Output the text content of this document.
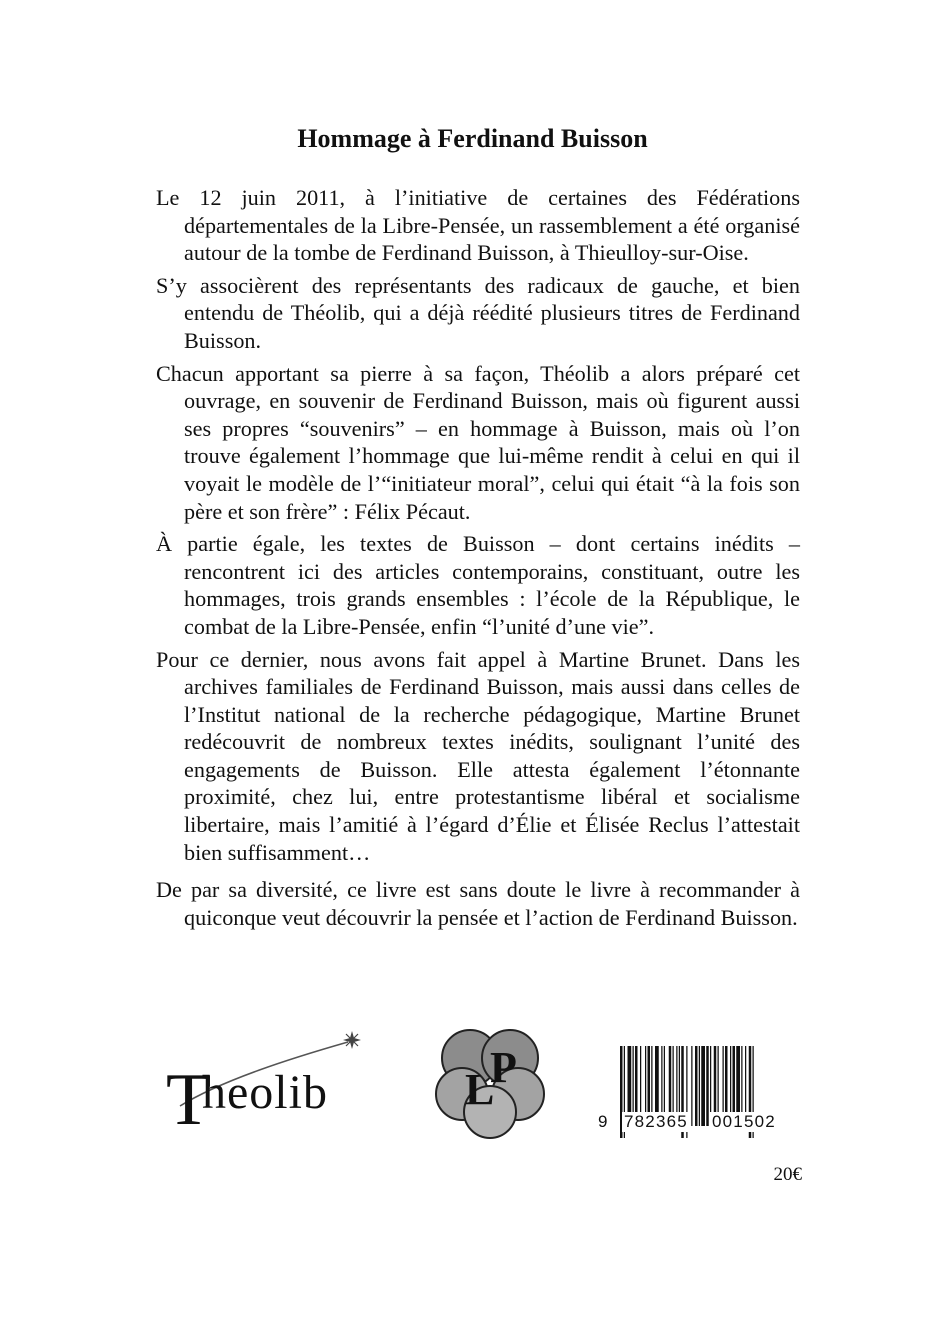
Hommage à Ferdinand Buisson

Le 12 juin 2011, à l’initiative de certaines des Fédérations départementales de la Libre-Pensée, un rassemblement a été organisé autour de la tombe de Ferdinand Buisson, à Thieulloy-sur-Oise.

S’y associèrent des représentants des radicaux de gauche, et bien entendu de Théolib, qui a déjà réédité plusieurs titres de Ferdinand Buisson.

Chacun apportant sa pierre à sa façon, Théolib a alors préparé cet ouvrage, en souvenir de Ferdinand Buisson, mais où figurent aussi ses propres “souvenirs” – en hommage à Buisson, mais où l’on trouve également l’hommage que lui-même rendit à celui en qui il voyait le modèle de l’“initiateur moral”, celui qui était “à la fois son père et son frère” : Félix Pécaut.

À partie égale, les textes de Buisson – dont certains inédits – rencontrent ici des articles contemporains, constituant, outre les hommages, trois grands ensembles : l’école de la République, le combat de la Libre-Pensée, enfin “l’unité d’une vie”.

Pour ce dernier, nous avons fait appel à Martine Brunet. Dans les archives familiales de Ferdinand Buisson, mais aussi dans celles de l’Institut national de la recherche pédagogique, Martine Brunet redécouvrit de nombreux textes inédits, soulignant l’unité des engagements de Buisson. Elle attesta également l’étonnante proximité, chez lui, entre protestantisme libéral et socialisme libertaire, mais l’amitié à l’égard d’Élie et Élisée Reclus l’attestait bien suffisamment…

De par sa diversité, ce livre est sans doute le livre à recommander à quiconque veut découvrir la pensée et l’action de Ferdinand Buisson.

T
heolib	L
P
9 782365 001502
20€
